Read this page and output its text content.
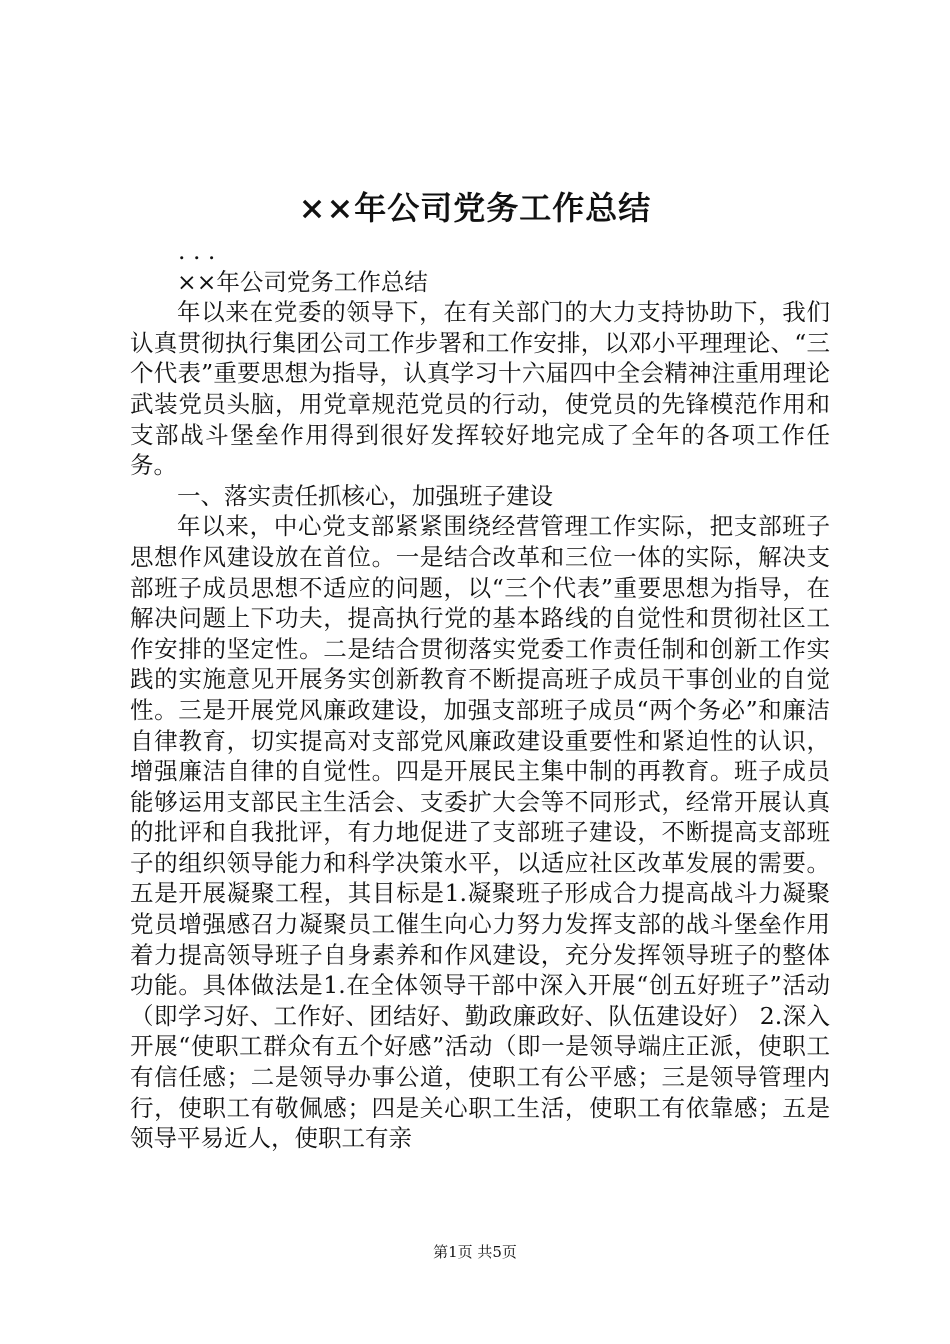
××年公司党务工作总结

. . .

××年公司党务工作总结

年以来在党委的领导下，在有关部门的大力支持协助下，我们认真贯彻执行集团公司工作步署和工作安排，以邓小平理理论、“三个代表”重要思想为指导，认真学习十六届四中全会精神注重用理论武装党员头脑，用党章规范党员的行动，使党员的先锋模范作用和支部战斗堡垒作用得到很好发挥较好地完成了全年的各项工作任务。

一、落实责任抓核心，加强班子建设

年以来，中心党支部紧紧围绕经营管理工作实际，把支部班子思想作风建设放在首位。一是结合改革和三位一体的实际，解决支部班子成员思想不适应的问题，以“三个代表”重要思想为指导，在解决问题上下功夫，提高执行党的基本路线的自觉性和贯彻社区工作安排的坚定性。二是结合贯彻落实党委工作责任制和创新工作实践的实施意见开展务实创新教育不断提高班子成员干事创业的自觉性。三是开展党风廉政建设，加强支部班子成员“两个务必”和廉洁自律教育，切实提高对支部党风廉政建设重要性和紧迫性的认识，增强廉洁自律的自觉性。四是开展民主集中制的再教育。班子成员能够运用支部民主生活会、支委扩大会等不同形式，经常开展认真的批评和自我批评，有力地促进了支部班子建设，不断提高支部班子的组织领导能力和科学决策水平，以适应社区改革发展的需要。五是开展凝聚工程，其目标是1.凝聚班子形成合力提高战斗力凝聚党员增强感召力凝聚员工催生向心力努力发挥支部的战斗堡垒作用着力提高领导班子自身素养和作风建设，充分发挥领导班子的整体功能。具体做法是1.在全体领导干部中深入开展“创五好班子”活动（即学习好、工作好、团结好、勤政廉政好、队伍建设好） 2.深入开展“使职工群众有五个好感”活动（即一是领导端庄正派，使职工有信任感；二是领导办事公道，使职工有公平感；三是领导管理内行，使职工有敬佩感；四是关心职工生活，使职工有依靠感；五是领导平易近人，使职工有亲

第1页 共5页
